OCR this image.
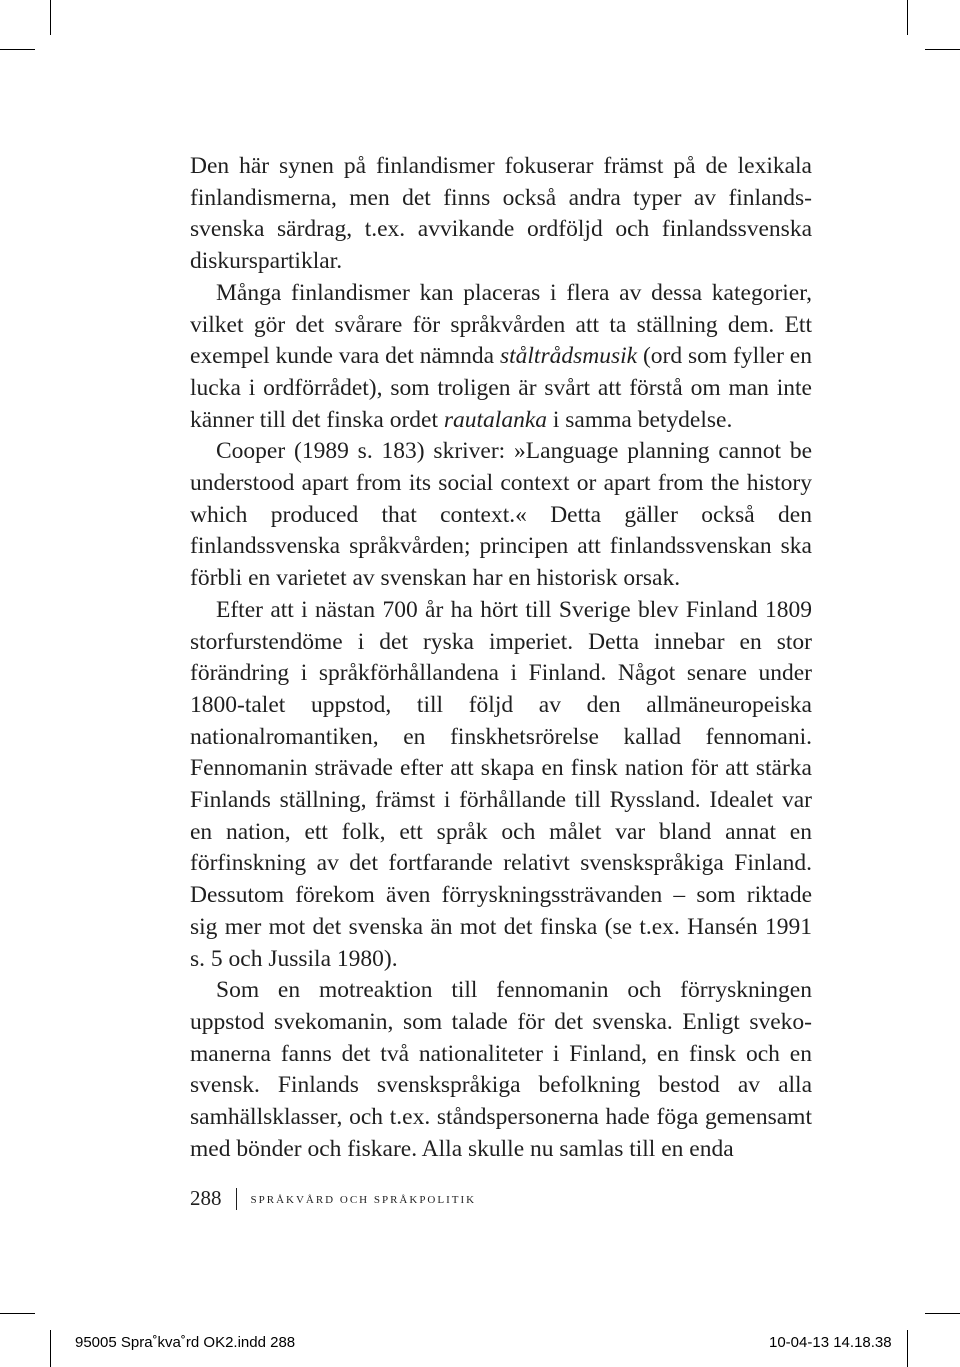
Den här synen på finlandismer fokuserar främst på de lexikala finlandismerna, men det finns också andra typer av finlandssvenska särdrag, t.ex. avvikande ordföljd och finlandssvenska diskurspartiklar.

Många finlandismer kan placeras i flera av dessa kategorier, vilket gör det svårare för språkvården att ta ställning dem. Ett exempel kunde vara det nämnda ståltrådsmusik (ord som fyller en lucka i ordförrådet), som troligen är svårt att förstå om man inte känner till det finska ordet rautalanka i samma betydelse.

Cooper (1989 s. 183) skriver: »Language planning cannot be understood apart from its social context or apart from the history which produced that context.« Detta gäller också den finlandssvenska språkvården; principen att finlandssvenskan ska förbli en varietet av svenskan har en historisk orsak.

Efter att i nästan 700 år ha hört till Sverige blev Finland 1809 storfurstendöme i det ryska imperiet. Detta innebar en stor förändring i språkförhållandena i Finland. Något senare under 1800-talet uppstod, till följd av den allmäneuropeiska nationalromantiken, en finskhetsrörelse kallad fennomani. Fennomanin strävade efter att skapa en finsk nation för att stärka Finlands ställning, främst i förhållande till Ryssland. Idealet var en nation, ett folk, ett språk och målet var bland annat en förfinskning av det fortfarande relativt svenskspråkiga Finland. Dessutom förekom även förryskningssträvanden – som riktade sig mer mot det svenska än mot det finska (se t.ex. Hansén 1991 s. 5 och Jussila 1980).

Som en motreaktion till fennomanin och förryskningen uppstod svekomanin, som talade för det svenska. Enligt svekomanerna fanns det två nationaliteter i Finland, en finsk och en svensk. Finlands svenskspråkiga befolkning bestod av alla samhällsklasser, och t.ex. ståndspersonerna hade föga gemensamt med bönder och fiskare. Alla skulle nu samlas till en enda

288 språkvård och språkpolitik
95005 Spra˚kva˚rd OK2.indd 288	10-04-13 14.18.38
